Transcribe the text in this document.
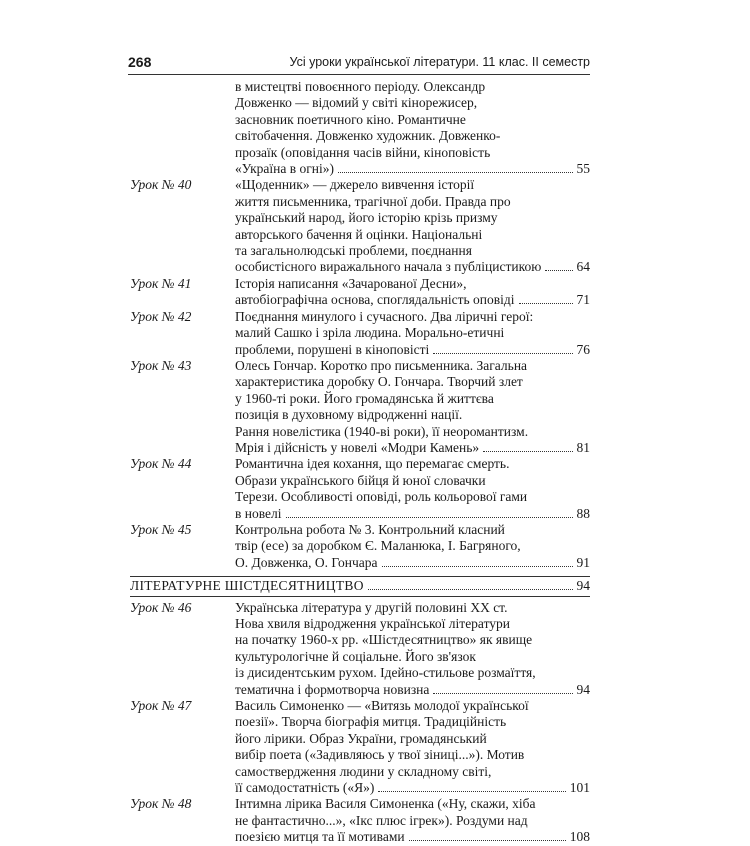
268	Усі уроки української літератури. 11 клас. ІІ семестр
в мистецтві повоєнного періоду. Олександр
Довженко — відомий у світі кінорежисер,
засновник поетичного кіно. Романтичне
світобачення. Довженко художник. Довженко-
прозаїк (оповідання часів війни, кіноповість
«Україна в огні»)	55
Урок № 40	«Щоденник» — джерело вивчення історії
життя письменника, трагічної доби. Правда про
український народ, його історію крізь призму
авторського бачення й оцінки. Національні
та загальнолюдські проблеми, поєднання
особистісного виражального начала з публіцистикою	64
Урок № 41	Історія написання «Зачарованої Десни»,
автобіографічна основа, споглядальність оповіді	71
Урок № 42	Поєднання минулого і сучасного. Два ліричні герої:
малий Сашко і зріла людина. Морально-етичні
проблеми, порушені в кіноповісті	76
Урок № 43	Олесь Гончар. Коротко про письменника. Загальна
характеристика доробку О. Гончара. Творчий злет
у 1960-ті роки. Його громадянська й життєва
позиція в духовному відродженні нації.
Рання новелістика (1940-ві роки), її неоромантизм.
Мрія і дійсність у новелі «Модри Камень»	81
Урок № 44	Романтична ідея кохання, що перемагає смерть.
Образи українського бійця й юної словачки
Терези. Особливості оповіді, роль кольорової гами
в новелі	88
Урок № 45	Контрольна робота № 3. Контрольний класний
твір (есе) за доробком Є. Маланюка, І. Багряного,
О. Довженка, О. Гончара	91
ЛІТЕРАТУРНЕ ШІСТДЕСЯТНИЦТВО	94
Урок № 46	Українська література у другій половині XX ст.
Нова хвиля відродження української літератури
на початку 1960-х рр. «Шістдесятництво» як явище
культурологічне й соціальне. Його зв'язок
із дисидентським рухом. Ідейно-стильове розмаїття,
тематична і формотворча новизна	94
Урок № 47	Василь Симоненко — «Витязь молодої української
поезії». Творча біографія митця. Традиційність
його лірики. Образ України, громадянський
вибір поета («Задивляюсь у твої зіниці...»). Мотив
самоствердження людини у складному світі,
її самодостатність («Я»)	101
Урок № 48	Інтимна лірика Василя Симоненка («Ну, скажи, хіба
не фантастично...», «Ікс плюс ігрек»). Роздуми над
поезією митця та її мотивами	108
